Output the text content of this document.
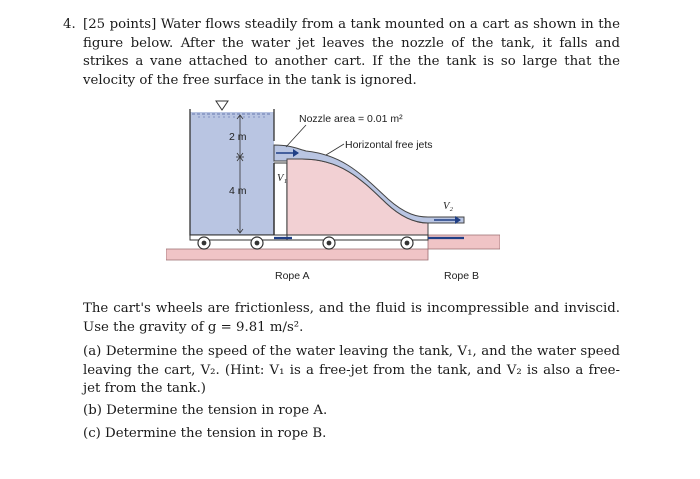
4. [25 points] Water flows steadily from a tank mounted on a cart as shown in the figure below. After the water jet leaves the nozzle of the tank, it falls and strikes a vane attached to another cart. If the the tank is so large that the velocity of the free surface in the tank is ignored.

Nozzle area = 0.01 m²
Horizontal free jets
2 m
4 m
V₁
V₂
Rope A	Rope B

The cart's wheels are frictionless, and the fluid is incompressible and inviscid. Use the gravity of g = 9.81 m/s².

(a) Determine the speed of the water leaving the tank, V₁, and the water speed leaving the cart, V₂. (Hint: V₁ is a free-jet from the tank, and V₂ is also a free-jet from the tank.)

(b) Determine the tension in rope A.

(c) Determine the tension in rope B.
